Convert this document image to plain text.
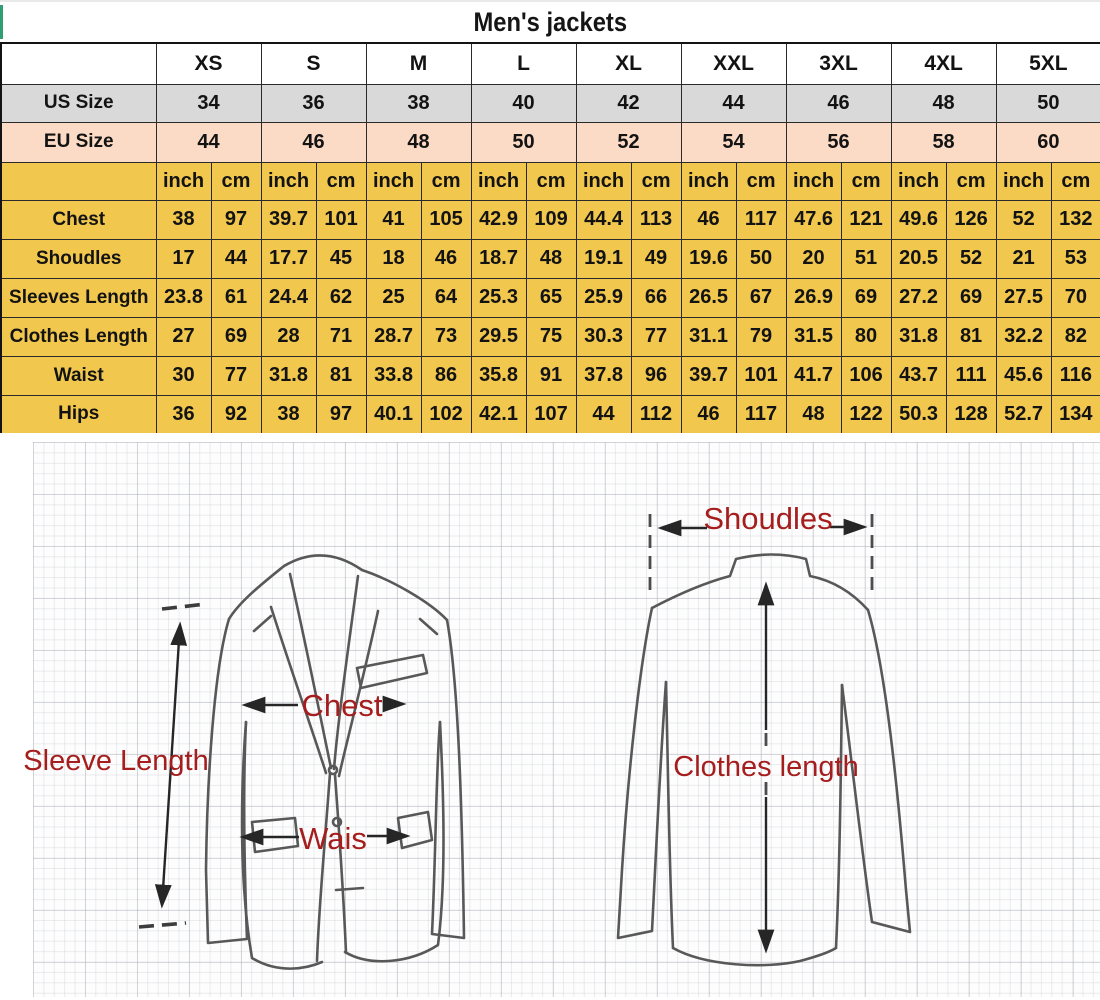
Men's jackets
	XS		S		M		L		XL		XXL		3XL		4XL		5XL	
US Size	34		36		38		40		42		44		46		48		50	
EU Size	44		46		48		50		52		54		56		58		60	
	inch	cm	inch	cm	inch	cm	inch	cm	inch	cm	inch	cm	inch	cm	inch	cm	inch	cm
Chest	38	97	39.7	101	41	105	42.9	109	44.4	113	46	117	47.6	121	49.6	126	52	132
Shoudles	17	44	17.7	45	18	46	18.7	48	19.1	49	19.6	50	20	51	20.5	52	21	53
Sleeves Length	23.8	61	24.4	62	25	64	25.3	65	25.9	66	26.5	67	26.9	69	27.2	69	27.5	70
Clothes Length	27	69	28	71	28.7	73	29.5	75	30.3	77	31.1	79	31.5	80	31.8	81	32.2	82
Waist	30	77	31.8	81	33.8	86	35.8	91	37.8	96	39.7	101	41.7	106	43.7	111	45.6	116
Hips	36	92	38	97	40.1	102	42.1	107	44	112	46	117	48	122	50.3	128	52.7	134
Sleeve Length
Chest
Wais
Shoudles
Clothes length
